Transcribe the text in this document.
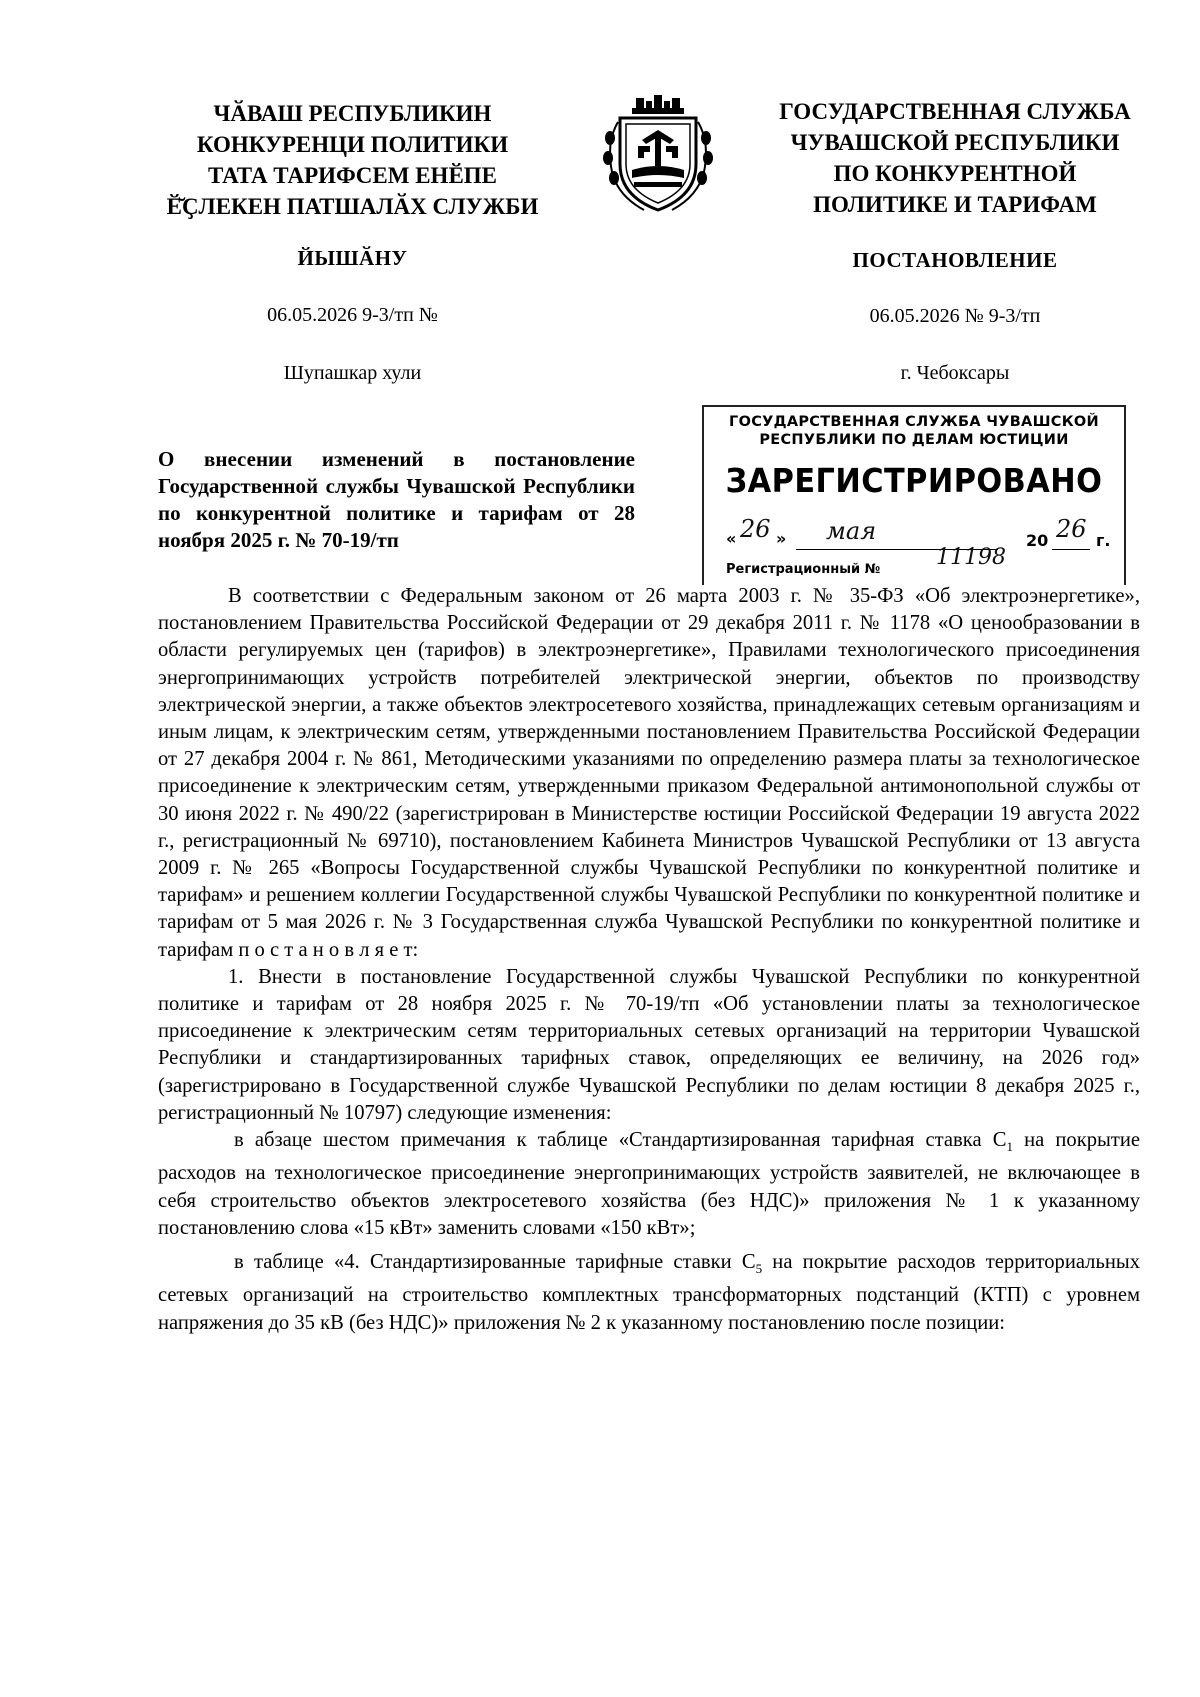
ЧӐВАШ РЕСПУБЛИКИН
КОНКУРЕНЦИ ПОЛИТИКИ
ТАТА ТАРИФСЕМ ЕНӖПЕ
Ӗ̆ҪЛЕКЕН ПАТШАЛӐХ СЛУЖБИ
ГОСУДАРСТВЕННАЯ СЛУЖБА
ЧУВАШСКОЙ РЕСПУБЛИКИ
ПО КОНКУРЕНТНОЙ
ПОЛИТИКЕ И ТАРИФАМ
ЙЫШӐНУ	ПОСТАНОВЛЕНИЕ
06.05.2026 9-3/тп №	06.05.2026 № 9-3/тп
Шупашкар хули	г. Чебоксары
О внесении изменений в постановление Государственной службы Чувашской Республики по конкурентной политике и тарифам от 28 ноября 2025 г. № 70-19/тп
ГОСУДАРСТВЕННАЯ СЛУЖБА ЧУВАШСКОЙ
РЕСПУБЛИКИ ПО ДЕЛАМ ЮСТИЦИИ
ЗАРЕГИСТРИРОВАНО
« 26 » мая	20 26 г.
Регистрационный №	11198

В соответствии с Федеральным законом от 26 марта 2003 г. № 35-ФЗ «Об электроэнергетике», постановлением Правительства Российской Федерации от 29 декабря 2011 г. № 1178 «О ценообразовании в области регулируемых цен (тарифов) в электроэнергетике», Правилами технологического присоединения энергопринимающих устройств потребителей электрической энергии, объектов по производству электрической энергии, а также объектов электросетевого хозяйства, принадлежащих сетевым организациям и иным лицам, к электрическим сетям, утвержденными постановлением Правительства Российской Федерации от 27 декабря 2004 г. № 861, Методическими указаниями по определению размера платы за технологическое присоединение к электрическим сетям, утвержденными приказом Федеральной антимонопольной службы от 30 июня 2022 г. № 490/22 (зарегистрирован в Министерстве юстиции Российской Федерации 19 августа 2022 г., регистрационный № 69710), постановлением Кабинета Министров Чувашской Республики от 13 августа 2009 г. № 265 «Вопросы Государственной службы Чувашской Республики по конкурентной политике и тарифам» и решением коллегии Государственной службы Чувашской Республики по конкурентной политике и тарифам от 5 мая 2026 г. № 3 Государственная служба Чувашской Республики по конкурентной политике и тарифам п о с т а н о в л я е т:

1. Внести в постановление Государственной службы Чувашской Республики по конкурентной политике и тарифам от 28 ноября 2025 г. № 70-19/тп «Об установлении платы за технологическое присоединение к электрическим сетям территориальных сетевых организаций на территории Чувашской Республики и стандартизированных тарифных ставок, определяющих ее величину, на 2026 год» (зарегистрировано в Государственной службе Чувашской Республики по делам юстиции 8 декабря 2025 г., регистрационный № 10797) следующие изменения:

в абзаце шестом примечания к таблице «Стандартизированная тарифная ставка $С_1$ на покрытие расходов на технологическое присоединение энергопринимающих устройств заявителей, не включающее в себя строительство объектов электросетевого хозяйства (без НДС)» приложения № 1 к указанному постановлению слова «15 кВт» заменить словами «150 кВт»;

в таблице «4. Стандартизированные тарифные ставки $С_5$ на покрытие расходов территориальных сетевых организаций на строительство комплектных трансформаторных подстанций (КТП) с уровнем напряжения до 35 кВ (без НДС)» приложения № 2 к указанному постановлению после позиции:
